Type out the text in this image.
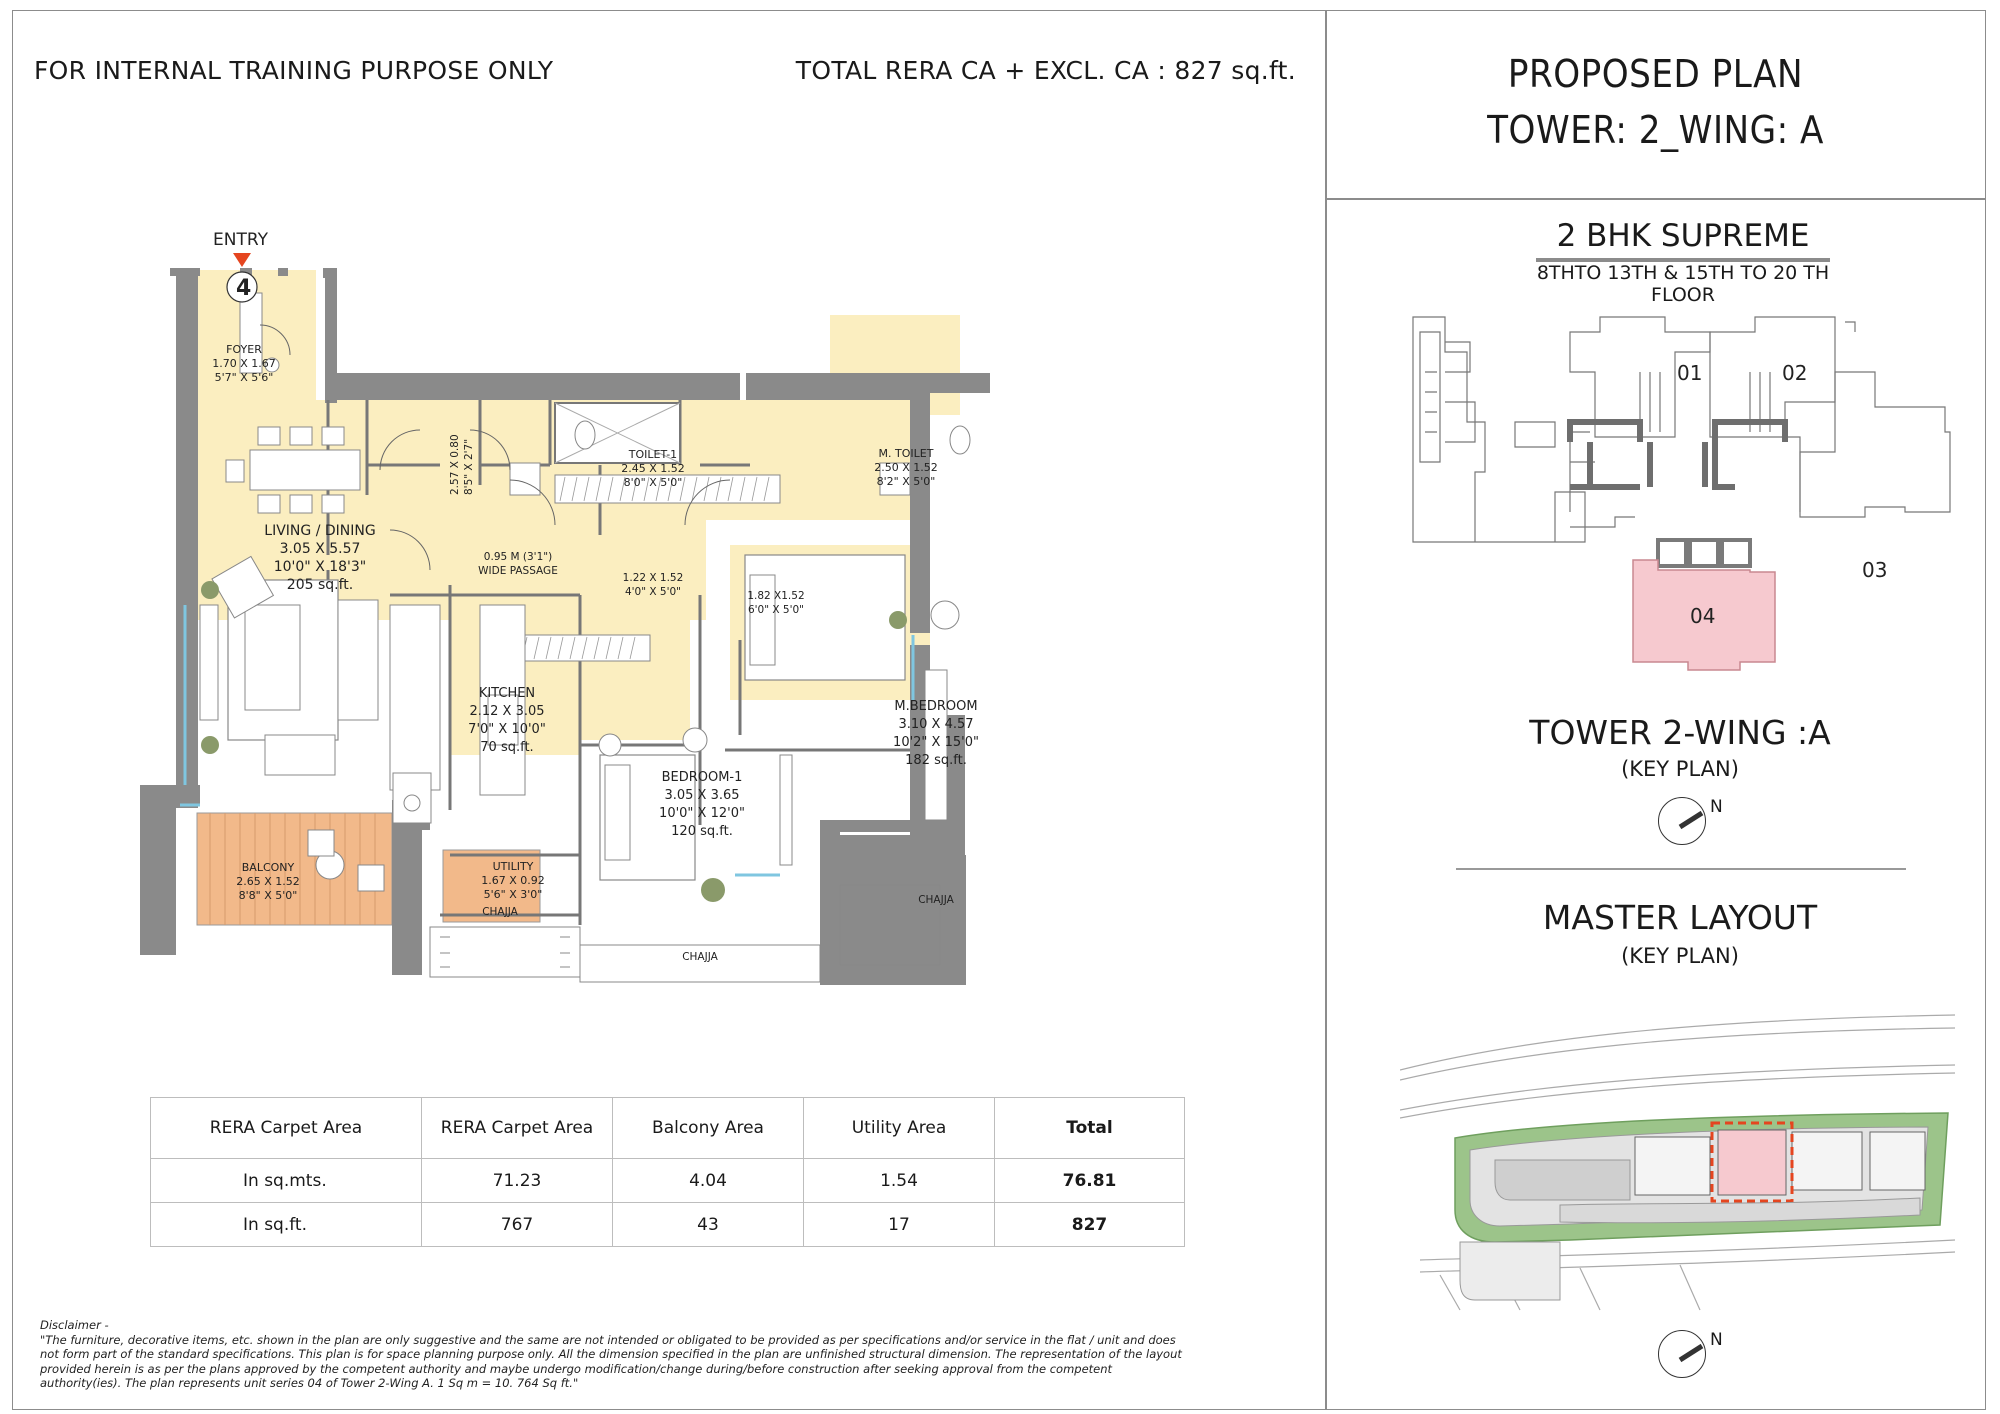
FOR INTERNAL TRAINING PURPOSE ONLY	TOTAL RERA CA + EXCL. CA : 827 sq.ft.	PROPOSED PLAN
TOWER: 2_WING: A
2 BHK SUPREME
8THTO 13TH & 15TH TO 20 TH FLOOR
01	02
03
04
TOWER 2-WING :A
(KEY PLAN)
N
MASTER LAYOUT
(KEY PLAN)
N
4
ENTRY
FOYER
1.70 X 1.67
5'7" X 5'6"
LIVING / DINING
3.05 X 5.57
10'0" X 18'3"
205 sq.ft.
0.95 M (3'1")
WIDE PASSAGE
1.22 X 1.52
4'0" X 5'0"	1.82 X1.52
6'0" X 5'0"
TOILET-1
2.45 X 1.52
8'0" X 5'0"
M. TOILET
2.50 X 1.52
8'2" X 5'0"
KITCHEN
2.12 X 3.05
7'0" X 10'0"
70 sq.ft.
M.BEDROOM
3.10 X 4.57
10'2" X 15'0"
182 sq.ft.
BEDROOM-1
3.05 X 3.65
10'0" X 12'0"
120 sq.ft.
BALCONY
2.65 X 1.52
8'8" X 5'0"
UTILITY
1.67 X 0.92
5'6" X 3'0"
CHAJJA
CHAJJA
CHAJJA
2.57 X 0.80 8'5" X 2'7"
RERA Carpet Area	RERA Carpet Area	Balcony Area	Utility Area	Total
In sq.mts.	71.23	4.04	1.54	76.81
In sq.ft.	767	43	17	827
Disclaimer -
"The furniture, decorative items, etc. shown in the plan are only suggestive and the same are not intended or obligated to be provided as per specifications and/or service in the flat / unit and does not form part of the standard specifications. This plan is for space planning purpose only. All the dimension specified in the plan are unfinished structural dimension. The representation of the layout provided herein is as per the plans approved by the competent authority and maybe undergo modification/change during/before construction after seeking approval from the competent authority(ies). The plan represents unit series 04 of Tower 2-Wing A. 1 Sq m = 10. 764 Sq ft."
